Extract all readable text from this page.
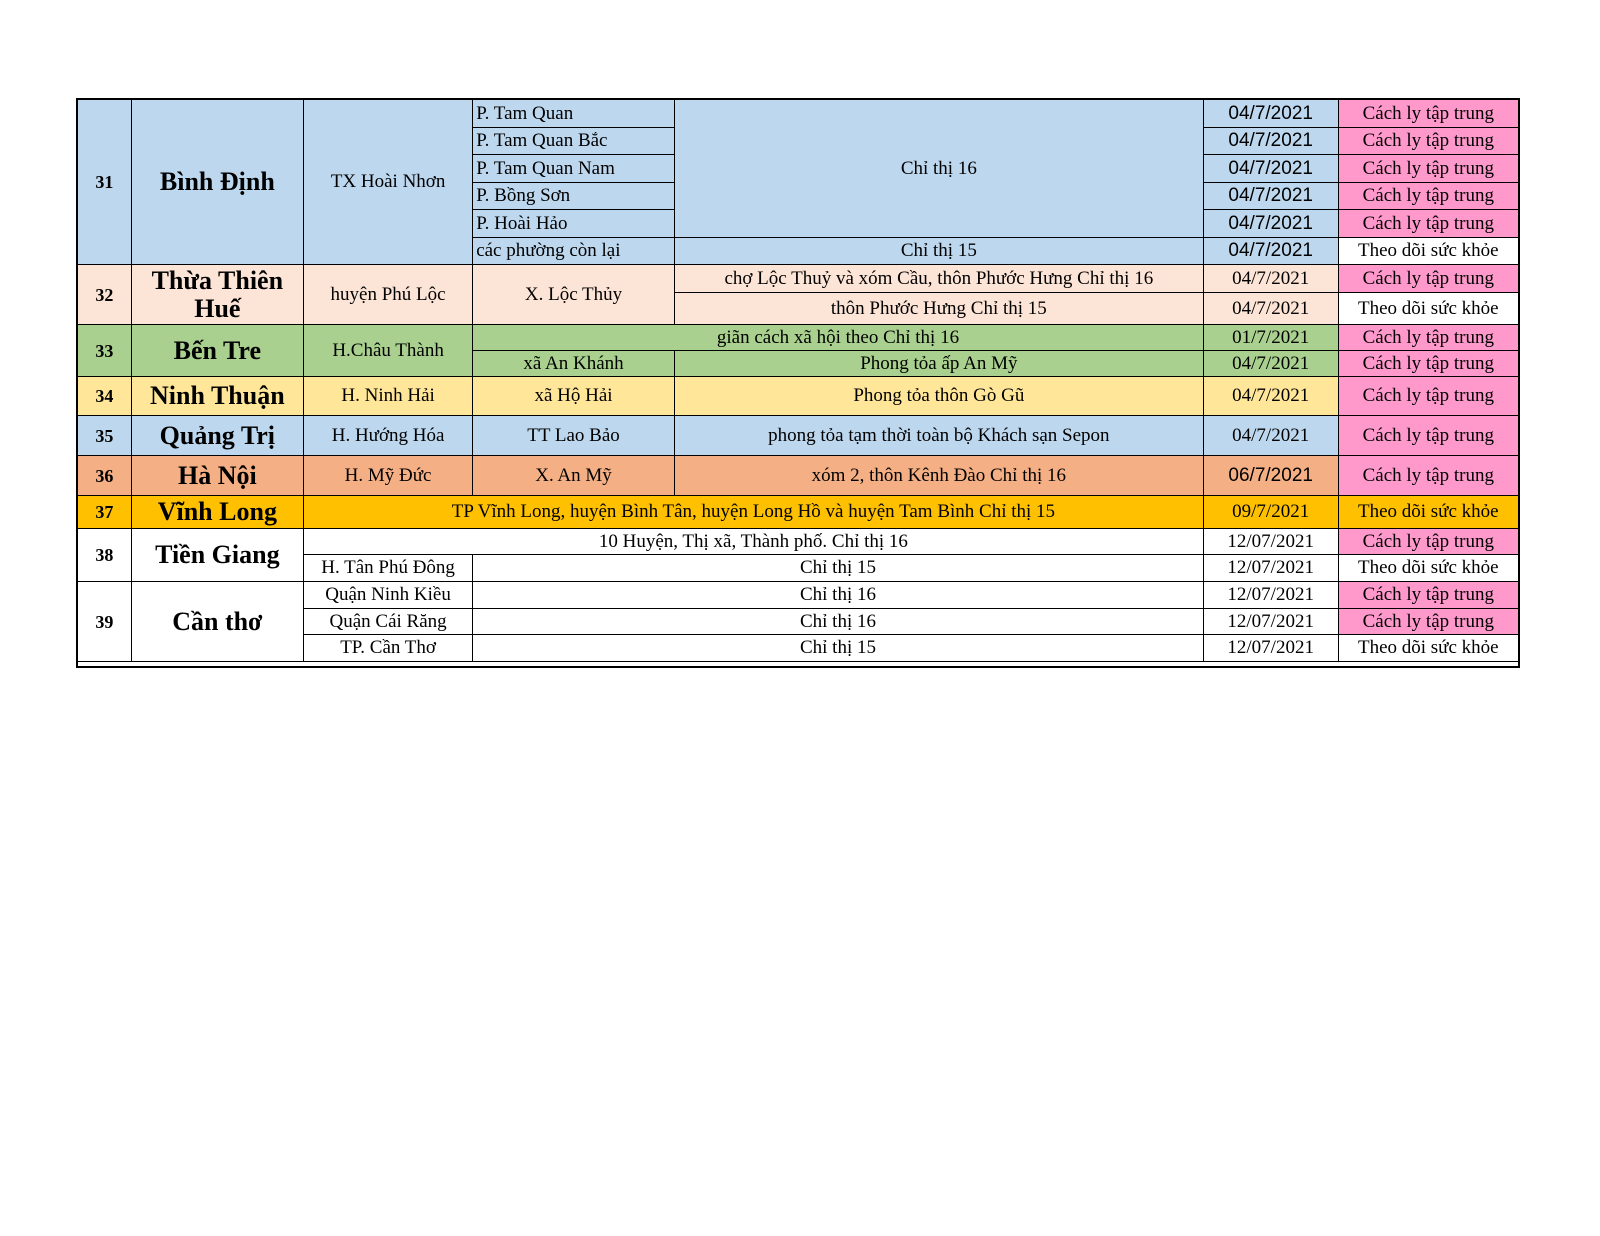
31	Bình Định	TX Hoài Nhơn	P. Tam Quan	Chỉ thị 16	04/7/2021	Cách ly tập trung
			P. Tam Quan Bắc		04/7/2021	Cách ly tập trung
			P. Tam Quan Nam		04/7/2021	Cách ly tập trung
			P. Bồng Sơn		04/7/2021	Cách ly tập trung
			P. Hoài Hảo		04/7/2021	Cách ly tập trung
			các phường còn lại	Chỉ thị 15	04/7/2021	Theo dõi sức khỏe
32	Thừa Thiên Huế	huyện Phú Lộc	X. Lộc Thủy	chợ Lộc Thuỷ và xóm Cầu, thôn Phước Hưng Chỉ thị 16	04/7/2021	Cách ly tập trung
				thôn Phước Hưng Chỉ thị 15	04/7/2021	Theo dõi sức khỏe
33	Bến Tre	H.Châu Thành	giãn cách xã hội theo Chỉ thị 16		01/7/2021	Cách ly tập trung
			xã An Khánh	Phong tỏa ấp An Mỹ	04/7/2021	Cách ly tập trung
34	Ninh Thuận	H. Ninh Hải	xã Hộ Hải	Phong tỏa thôn Gò Gũ	04/7/2021	Cách ly tập trung
35	Quảng Trị	H. Hướng Hóa	TT Lao Bảo	phong tỏa tạm thời toàn bộ Khách sạn Sepon	04/7/2021	Cách ly tập trung
36	Hà Nội	H. Mỹ Đức	X. An Mỹ	xóm 2, thôn Kênh Đào Chỉ thị 16	06/7/2021	Cách ly tập trung
37	Vĩnh Long	TP Vĩnh Long, huyện Bình Tân, huyện Long Hồ và huyện Tam Bình Chỉ thị 15			09/7/2021	Theo dõi sức khỏe
38	Tiền Giang	10 Huyện, Thị xã, Thành phố. Chỉ thị 16			12/07/2021	Cách ly tập trung
		H. Tân Phú Đông	Chỉ thị 15		12/07/2021	Theo dõi sức khỏe
39	Cần thơ	Quận Ninh Kiều	Chỉ thị 16		12/07/2021	Cách ly tập trung
		Quận Cái Răng	Chỉ thị 16		12/07/2021	Cách ly tập trung
		TP. Cần Thơ	Chỉ thị 15		12/07/2021	Theo dõi sức khỏe
